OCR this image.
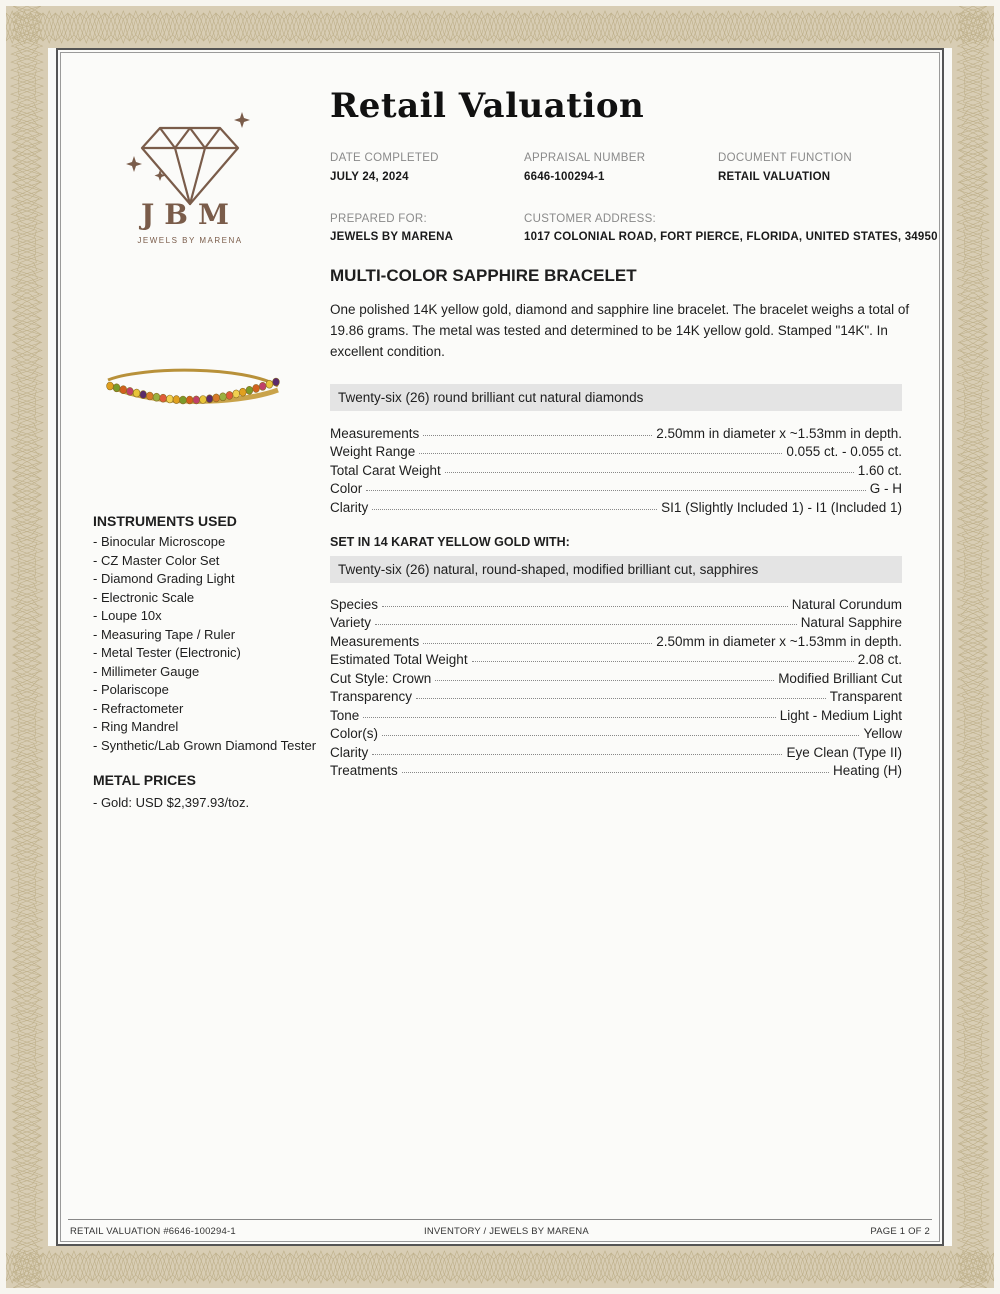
JBM
JEWELS BY MARENA
Retail Valuation
DATE COMPLETED
JULY 24, 2024
APPRAISAL NUMBER
6646-100294-1
DOCUMENT FUNCTION
RETAIL VALUATION
PREPARED FOR:
JEWELS BY MARENA
CUSTOMER ADDRESS:
1017 COLONIAL ROAD, FORT PIERCE, FLORIDA, UNITED STATES, 34950
MULTI-COLOR SAPPHIRE BRACELET
One polished 14K yellow gold, diamond and sapphire line bracelet. The bracelet weighs a total of 19.86 grams. The metal was tested and determined to be 14K yellow gold. Stamped "14K". In excellent condition.
Twenty-six (26) round brilliant cut natural diamonds
Measurements	2.50mm in diameter x ~1.53mm in depth.
Weight Range	0.055 ct. - 0.055 ct.
Total Carat Weight	1.60 ct.
Color	G - H
Clarity	SI1 (Slightly Included 1) - I1 (Included 1)
SET IN 14 KARAT YELLOW GOLD WITH:
Twenty-six (26) natural, round-shaped, modified brilliant cut, sapphires
Species	Natural Corundum
Variety	Natural Sapphire
Measurements	2.50mm in diameter x ~1.53mm in depth.
Estimated Total Weight	2.08 ct.
Cut Style: Crown	Modified Brilliant Cut
Transparency	Transparent
Tone	Light - Medium Light
Color(s)	Yellow
Clarity	Eye Clean (Type II)
Treatments	Heating (H)
INSTRUMENTS USED
- Binocular Microscope
- CZ Master Color Set
- Diamond Grading Light
- Electronic Scale
- Loupe 10x
- Measuring Tape / Ruler
- Metal Tester (Electronic)
- Millimeter Gauge
- Polariscope
- Refractometer
- Ring Mandrel
- Synthetic/Lab Grown Diamond Tester
METAL PRICES
- Gold: USD $2,397.93/toz.
RETAIL VALUATION #6646-100294-1	INVENTORY / JEWELS BY MARENA	PAGE 1 OF 2
